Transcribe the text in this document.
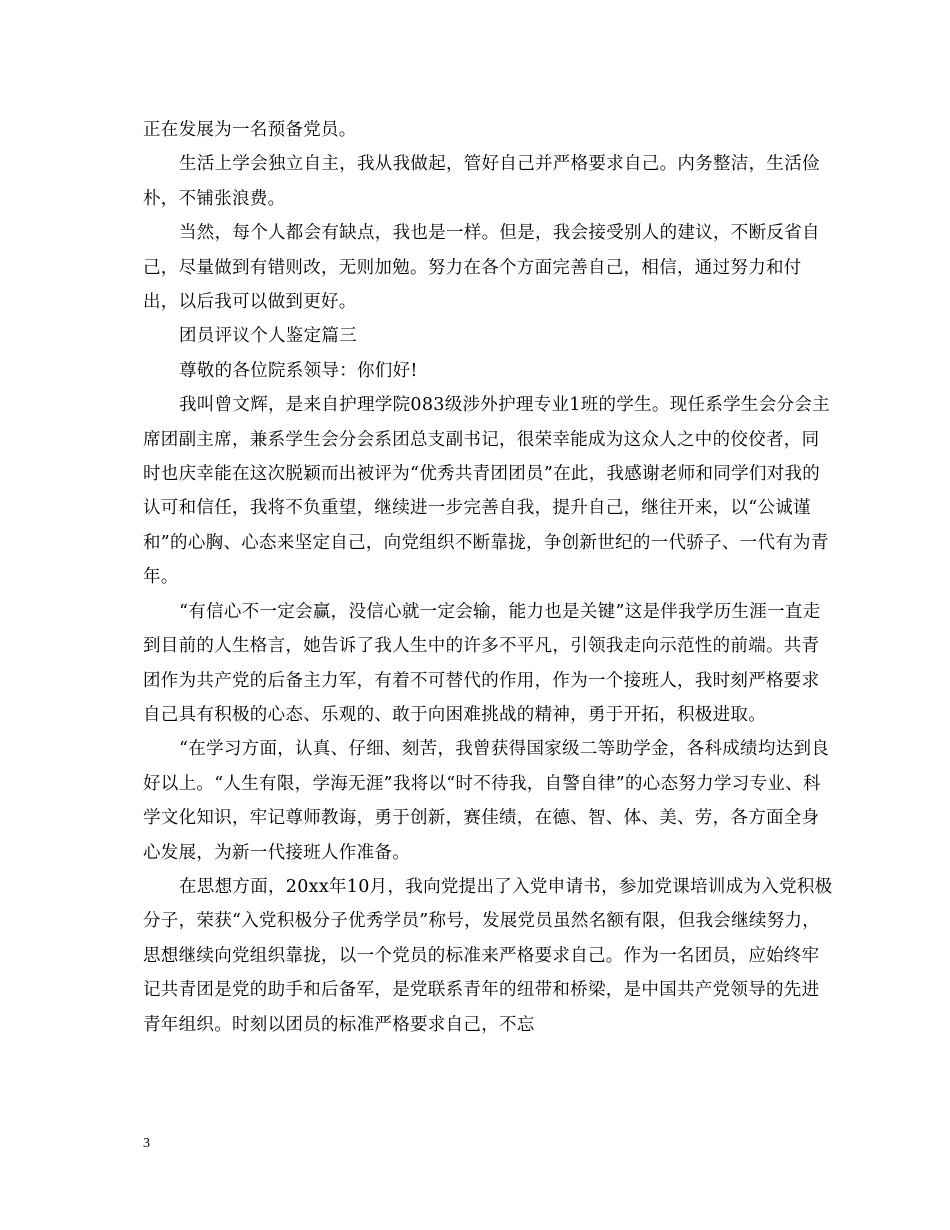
正在发展为一名预备党员。

生活上学会独立自主，我从我做起，管好自己并严格要求自己。内务整洁，生活俭朴，不铺张浪费。

当然，每个人都会有缺点，我也是一样。但是，我会接受别人的建议，不断反省自己，尽量做到有错则改，无则加勉。努力在各个方面完善自己，相信，通过努力和付出，以后我可以做到更好。

团员评议个人鉴定篇三

尊敬的各位院系领导：你们好!

我叫曾文辉，是来自护理学院083级涉外护理专业1班的学生。现任系学生会分会主席团副主席，兼系学生会分会系团总支副书记，很荣幸能成为这众人之中的佼佼者，同时也庆幸能在这次脱颖而出被评为“优秀共青团团员”在此，我感谢老师和同学们对我的认可和信任，我将不负重望，继续进一步完善自我，提升自己，继往开来，以“公诚谨和”的心胸、心态来坚定自己，向党组织不断靠拢，争创新世纪的一代骄子、一代有为青年。

“有信心不一定会赢，没信心就一定会输，能力也是关键”这是伴我学历生涯一直走到目前的人生格言，她告诉了我人生中的许多不平凡，引领我走向示范性的前端。共青团作为共产党的后备主力军，有着不可替代的作用，作为一个接班人，我时刻严格要求自己具有积极的心态、乐观的、敢于向困难挑战的精神，勇于开拓，积极进取。

“在学习方面，认真、仔细、刻苦，我曾获得国家级二等助学金，各科成绩均达到良好以上。“人生有限，学海无涯”我将以“时不待我，自警自律”的心态努力学习专业、科学文化知识，牢记尊师教诲，勇于创新，赛佳绩，在德、智、体、美、劳，各方面全身心发展，为新一代接班人作准备。

在思想方面，20xx年10月，我向党提出了入党申请书，参加党课培训成为入党积极分子，荣获“入党积极分子优秀学员”称号，发展党员虽然名额有限，但我会继续努力，思想继续向党组织靠拢，以一个党员的标准来严格要求自己。作为一名团员，应始终牢记共青团是党的助手和后备军，是党联系青年的纽带和桥梁，是中国共产党领导的先进青年组织。时刻以团员的标准严格要求自己，不忘

3
